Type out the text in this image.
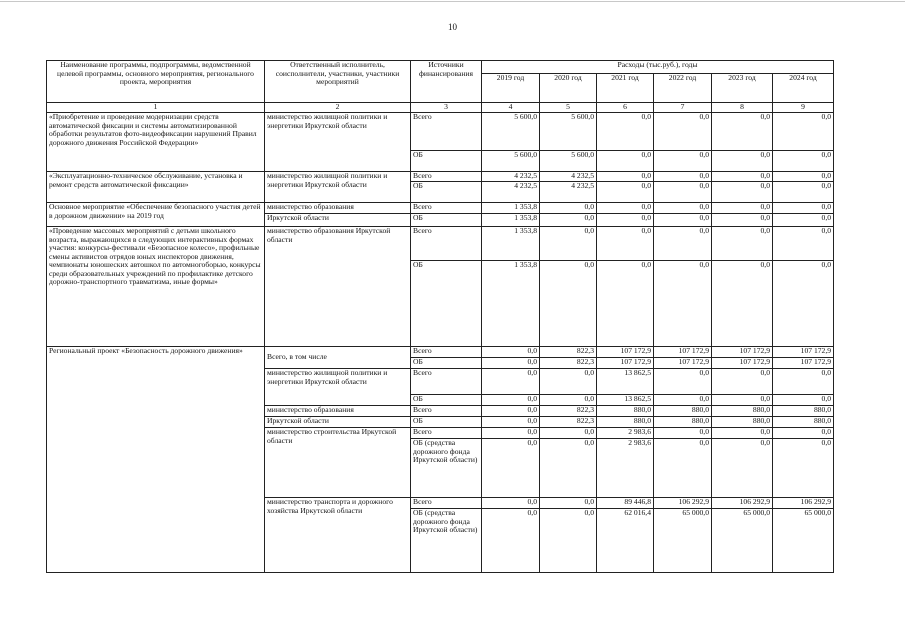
10
Наименование программы, подпрограммы, ведомственной целевой программы, основного мероприятия, регионального проекта, мероприятия	Ответственный исполнитель, соисполнители, участники, участники мероприятий	Источники финансирования	Расходы (тыс.руб.), годы					
			2019 год	2020 год	2021 год	2022 год	2023 год	2024 год
1	2	3	4	5	6	7	8	9
«Приобретение и проведение модернизации средств автоматической фиксации и системы автоматизированной обработки результатов фото-видеофиксации нарушений Правил дорожного движения Российской Федерации»	министерство жилищной политики и энергетики Иркутской области	Всего	5 600,0	5 600,0	0,0	0,0	0,0	0,0
		ОБ	5 600,0	5 600,0	0,0	0,0	0,0	0,0
«Эксплуатационно-техническое обслуживание, установка и ремонт средств автоматической фиксации»	министерство жилищной политики и энергетики Иркутской области	Всего	4 232,5	4 232,5	0,0	0,0	0,0	0,0
		ОБ	4 232,5	4 232,5	0,0	0,0	0,0	0,0
Основное мероприятие «Обеспечение безопасного участия детей в дорожном движении» на 2019 год	министерство образования	Всего	1 353,8	0,0	0,0	0,0	0,0	0,0
	Иркутской области	ОБ	1 353,8	0,0	0,0	0,0	0,0	0,0
«Проведение массовых мероприятий с детьми школьного возраста, выражающихся в следующих интерактивных формах участия: конкурсы-фестивали «Безопасное колесо», профильные смены активистов отрядов юных инспекторов движения, чемпионаты юношеских автошкол по автомногоборью, конкурсы среди образовательных учреждений по профилактике детского дорожно-транспортного травматизма, иные формы»	министерство образования Иркутской области	Всего	1 353,8	0,0	0,0	0,0	0,0	0,0
		ОБ	1 353,8	0,0	0,0	0,0	0,0	0,0
Региональный проект «Безопасность дорожного движения»	Всего, в том числе	Всего	0,0	822,3	107 172,9	107 172,9	107 172,9	107 172,9
		ОБ	0,0	822,3	107 172,9	107 172,9	107 172,9	107 172,9
	министерство жилищной политики и энергетики Иркутской области	Всего	0,0	0,0	13 862,5	0,0	0,0	0,0
		ОБ	0,0	0,0	13 862,5	0,0	0,0	0,0
	министерство образования	Всего	0,0	822,3	880,0	880,0	880,0	880,0
	Иркутской области	ОБ	0,0	822,3	880,0	880,0	880,0	880,0
	министерство строительства Иркутской области	Всего	0,0	0,0	2 983,6	0,0	0,0	0,0
		ОБ (средства дорожного фонда Иркутской области)	0,0	0,0	2 983,6	0,0	0,0	0,0
	министерство транспорта и дорожного хозяйства Иркутской области	Всего	0,0	0,0	89 446,8	106 292,9	106 292,9	106 292,9
		ОБ (средства дорожного фонда Иркутской области)	0,0	0,0	62 016,4	65 000,0	65 000,0	65 000,0
